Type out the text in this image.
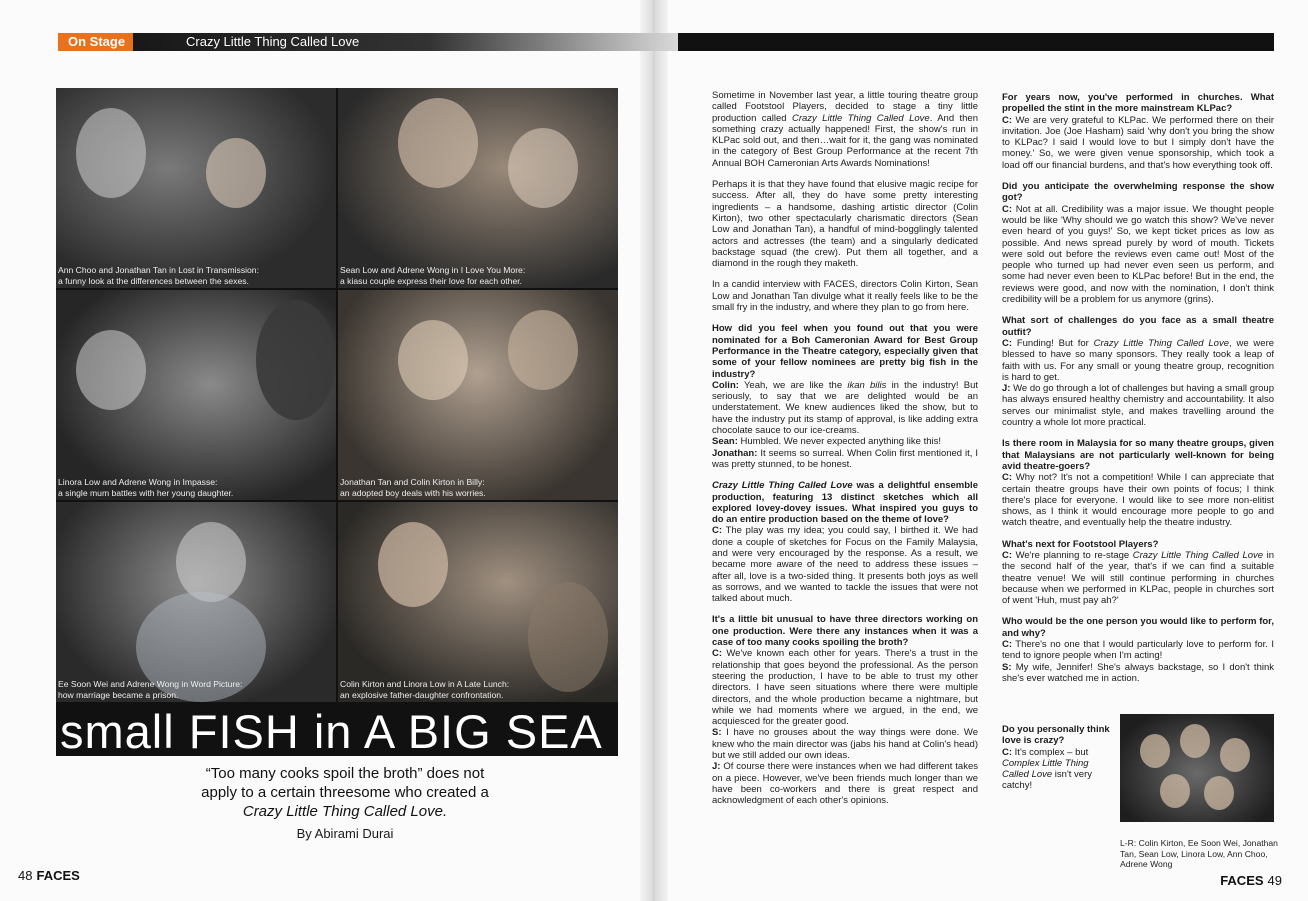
On Stage	Crazy Little Thing Called Love
Ann Choo and Jonathan Tan in Lost in Transmission:
a funny look at the differences between the sexes.
Sean Low and Adrene Wong in I Love You More:
a kiasu couple express their love for each other.
Linora Low and Adrene Wong in Impasse:
a single mum battles with her young daughter.
Jonathan Tan and Colin Kirton in Billy:
an adopted boy deals with his worries.
Ee Soon Wei and Adrene Wong in Word Picture:
how marriage became a prison.
Colin Kirton and Linora Low in A Late Lunch:
an explosive father-daughter confrontation.
small FISH in A BIG SEA
“Too many cooks spoil the broth” does not
apply to a certain threesome who created a
Crazy Little Thing Called Love.
By Abirami Durai
48 FACES	FACES 49

Sometime in November last year, a little touring theatre group called Footstool Players, decided to stage a tiny little production called Crazy Little Thing Called Love. And then something crazy actually happened! First, the show's run in KLPac sold out, and then…wait for it, the gang was nominated in the category of Best Group Performance at the recent 7th Annual BOH Cameronian Arts Awards Nominations!

Perhaps it is that they have found that elusive magic recipe for success. After all, they do have some pretty interesting ingredients – a handsome, dashing artistic director (Colin Kirton), two other spectacularly charismatic directors (Sean Low and Jonathan Tan), a handful of mind-bogglingly talented actors and actresses (the team) and a singularly dedicated backstage squad (the crew). Put them all together, and a diamond in the rough they maketh.

In a candid interview with FACES, directors Colin Kirton, Sean Low and Jonathan Tan divulge what it really feels like to be the small fry in the industry, and where they plan to go from here.

How did you feel when you found out that you were nominated for a Boh Cameronian Award for Best Group Performance in the Theatre category, especially given that some of your fellow nominees are pretty big fish in the industry?
Colin: Yeah, we are like the ikan bilis in the industry! But seriously, to say that we are delighted would be an understatement. We knew audiences liked the show, but to have the industry put its stamp of approval, is like adding extra chocolate sauce to our ice-creams.
Sean: Humbled. We never expected anything like this!

Jonathan: It seems so surreal. When Colin first mentioned it, I was pretty stunned, to be honest.

Crazy Little Thing Called Love was a delightful ensemble production, featuring 13 distinct sketches which all explored lovey-dovey issues. What inspired you guys to do an entire production based on the theme of love?

C: The play was my idea; you could say, I birthed it. We had done a couple of sketches for Focus on the Family Malaysia, and were very encouraged by the response. As a result, we became more aware of the need to address these issues – after all, love is a two-sided thing. It presents both joys as well as sorrows, and we wanted to tackle the issues that were not talked about much.

It's a little bit unusual to have three directors working on one production. Were there any instances when it was a case of too many cooks spoiling the broth?
C: We've known each other for years. There's a trust in the relationship that goes beyond the professional. As the person steering the production, I have to be able to trust my other directors. I have seen situations where there were multiple directors, and the whole production became a nightmare, but while we had moments where we argued, in the end, we acquiesced for the greater good.
S: I have no grouses about the way things were done. We knew who the main director was (jabs his hand at Colin's head) but we still added our own ideas.
J: Of course there were instances when we had different takes on a piece. However, we've been friends much longer than we have been co-workers and there is great respect and acknowledgment of each other's opinions.
For years now, you've performed in churches. What propelled the stint in the more mainstream KLPac?

C: We are very grateful to KLPac. We performed there on their invitation. Joe (Joe Hasham) said 'why don't you bring the show to KLPac? I said I would love to but I simply don't have the money.' So, we were given venue sponsorship, which took a load off our financial burdens, and that's how everything took off.

Did you anticipate the overwhelming response the show got?

C: Not at all. Credibility was a major issue. We thought people would be like 'Why should we go watch this show? We've never even heard of you guys!' So, we kept ticket prices as low as possible. And news spread purely by word of mouth. Tickets were sold out before the reviews even came out! Most of the people who turned up had never even seen us perform, and some had never even been to KLPac before! But in the end, the reviews were good, and now with the nomination, I don't think credibility will be a problem for us anymore (grins).

What sort of challenges do you face as a small theatre outfit?
C: Funding! But for Crazy Little Thing Called Love, we were blessed to have so many sponsors. They really took a leap of faith with us. For any small or young theatre group, recognition is hard to get.

J: We do go through a lot of challenges but having a small group has always ensured healthy chemistry and accountability. It also serves our minimalist style, and makes travelling around the country a whole lot more practical.

Is there room in Malaysia for so many theatre groups, given that Malaysians are not particularly well-known for being avid theatre-goers?

C: Why not? It's not a competition! While I can appreciate that certain theatre groups have their own points of focus; I think there's place for everyone. I would like to see more non-elitist shows, as I think it would encourage more people to go and watch theatre, and eventually help the theatre industry.

What's next for Footstool Players?

C: We're planning to re-stage Crazy Little Thing Called Love in the second half of the year, that's if we can find a suitable theatre venue! We will still continue performing in churches because when we performed in KLPac, people in churches sort of went 'Huh, must pay ah?'

Who would be the one person you would like to perform for, and why?
C: There's no one that I would particularly love to perform for. I tend to ignore people when I'm acting!
S: My wife, Jennifer! She's always backstage, so I don't think she's ever watched me in action.
Do you personally think love is crazy?
C: It's complex – but Complex Little Thing Called Love isn't very catchy!
L-R: Colin Kirton, Ee Soon Wei, Jonathan Tan, Sean Low, Linora Low, Ann Choo, Adrene Wong
